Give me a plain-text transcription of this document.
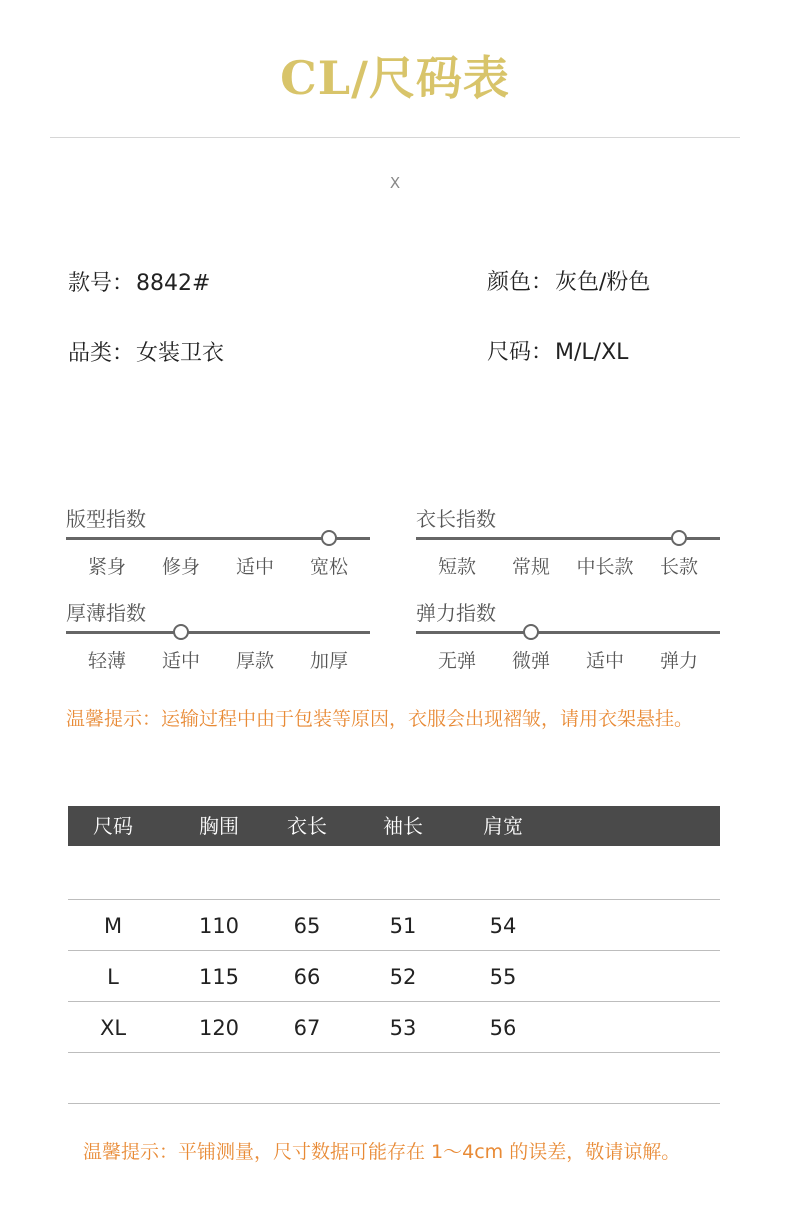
CL/尺码表
X
款号：8842#	颜色：灰色/粉色
品类：女装卫衣	尺码：M/L/XL
版型指数
紧身	修身	适中	宽松
衣长指数
短款	常规	中长款	长款
厚薄指数
轻薄	适中	厚款	加厚
弹力指数
无弹	微弹	适中	弹力
温馨提示：运输过程中由于包装等原因，衣服会出现褶皱，请用衣架悬挂。
尺码	胸围	衣长	袖长	肩宽
M	110	65	51	54
L	115	66	52	55
XL	120	67	53	56
温馨提示：平铺测量，尺寸数据可能存在 1～4cm 的误差，敬请谅解。
